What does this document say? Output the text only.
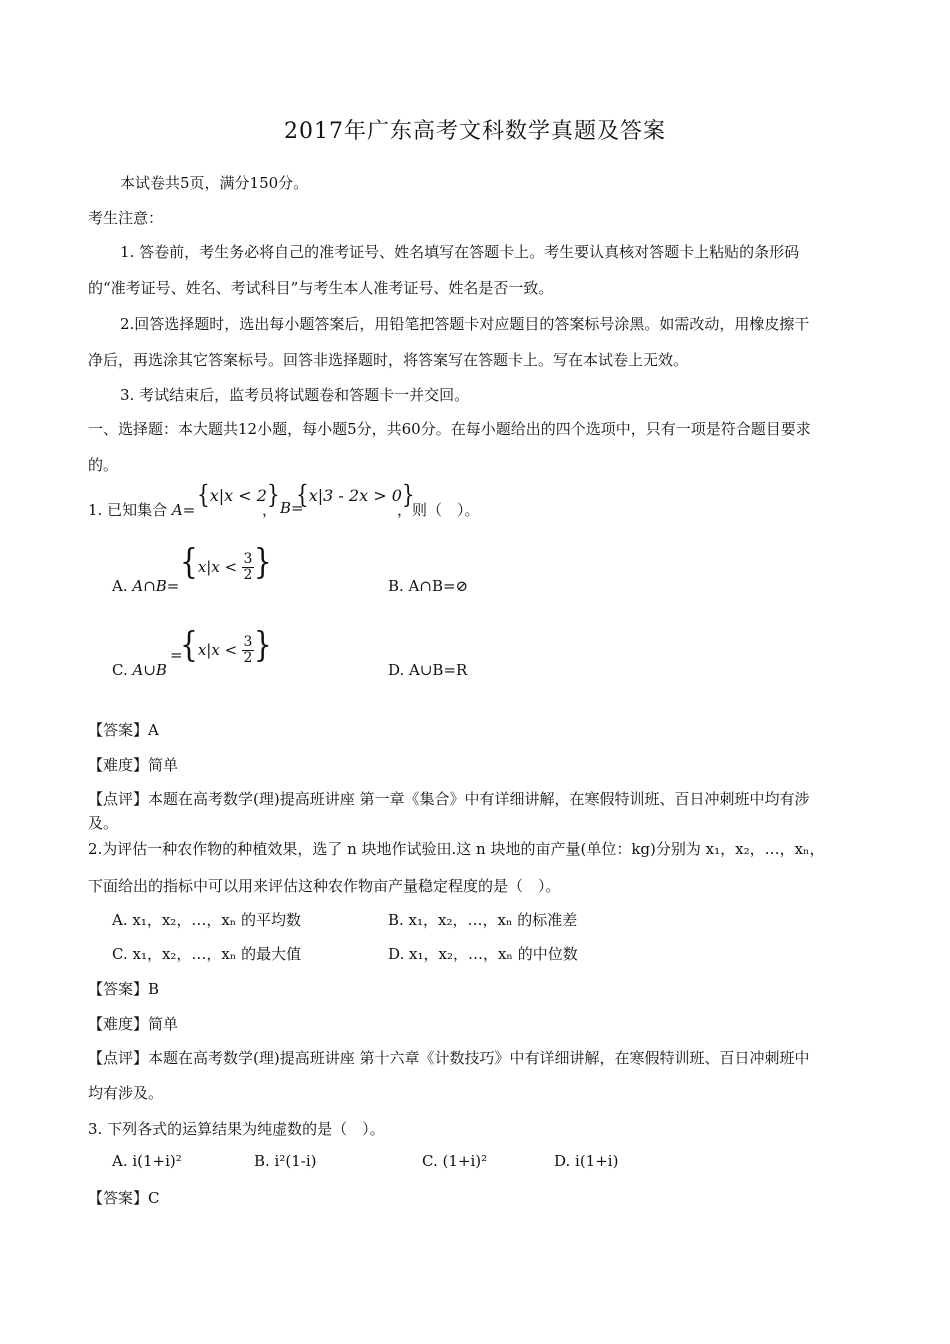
2017年广东高考文科数学真题及答案
本试卷共5页，满分150分。
考生注意：
1. 答卷前，考生务必将自己的准考证号、姓名填写在答题卡上。考生要认真核对答题卡上粘贴的条形码
的“准考证号、姓名、考试科目”与考生本人准考证号、姓名是否一致。
2.回答选择题时，选出每小题答案后，用铅笔把答题卡对应题目的答案标号涂黑。如需改动，用橡皮擦干
净后，再选涂其它答案标号。回答非选择题时，将答案写在答题卡上。写在本试卷上无效。
3. 考试结束后，监考员将试题卷和答题卡一并交回。
一、选择题：本大题共12小题，每小题5分，共60分。在每小题给出的四个选项中，只有一项是符合题目要求
的。
1. 已知集合 A=
{x|x < 2}
， B=
{x|3 - 2x > 0}
，则（　）。
A. A∩B=
{$x|x < \frac{3}{2}$ }
B. A∩B=⊘
C. A∪B
=
{$x|x < \frac{3}{2}$ }
D. A∪B=R
【答案】A
【难度】简单
【点评】本题在高考数学(理)提高班讲座 第一章《集合》中有详细讲解，在寒假特训班、百日冲刺班中均有涉
及。
2.为评估一种农作物的种植效果，选了 n 块地作试验田.这 n 块地的亩产量(单位：kg)分别为 x₁，x₂，…，xₙ，
下面给出的指标中可以用来评估这种农作物亩产量稳定程度的是（　）。
A. x₁，x₂，…，xₙ 的平均数	B. x₁，x₂，…，xₙ 的标准差
C. x₁，x₂，…，xₙ 的最大值	D. x₁，x₂，…，xₙ 的中位数
【答案】B
【难度】简单
【点评】本题在高考数学(理)提高班讲座 第十六章《计数技巧》中有详细讲解，在寒假特训班、百日冲刺班中
均有涉及。
3. 下列各式的运算结果为纯虚数的是（　）。
A. i(1+i)²	B. i²(1-i)	C. (1+i)²	D. i(1+i)
【答案】C
